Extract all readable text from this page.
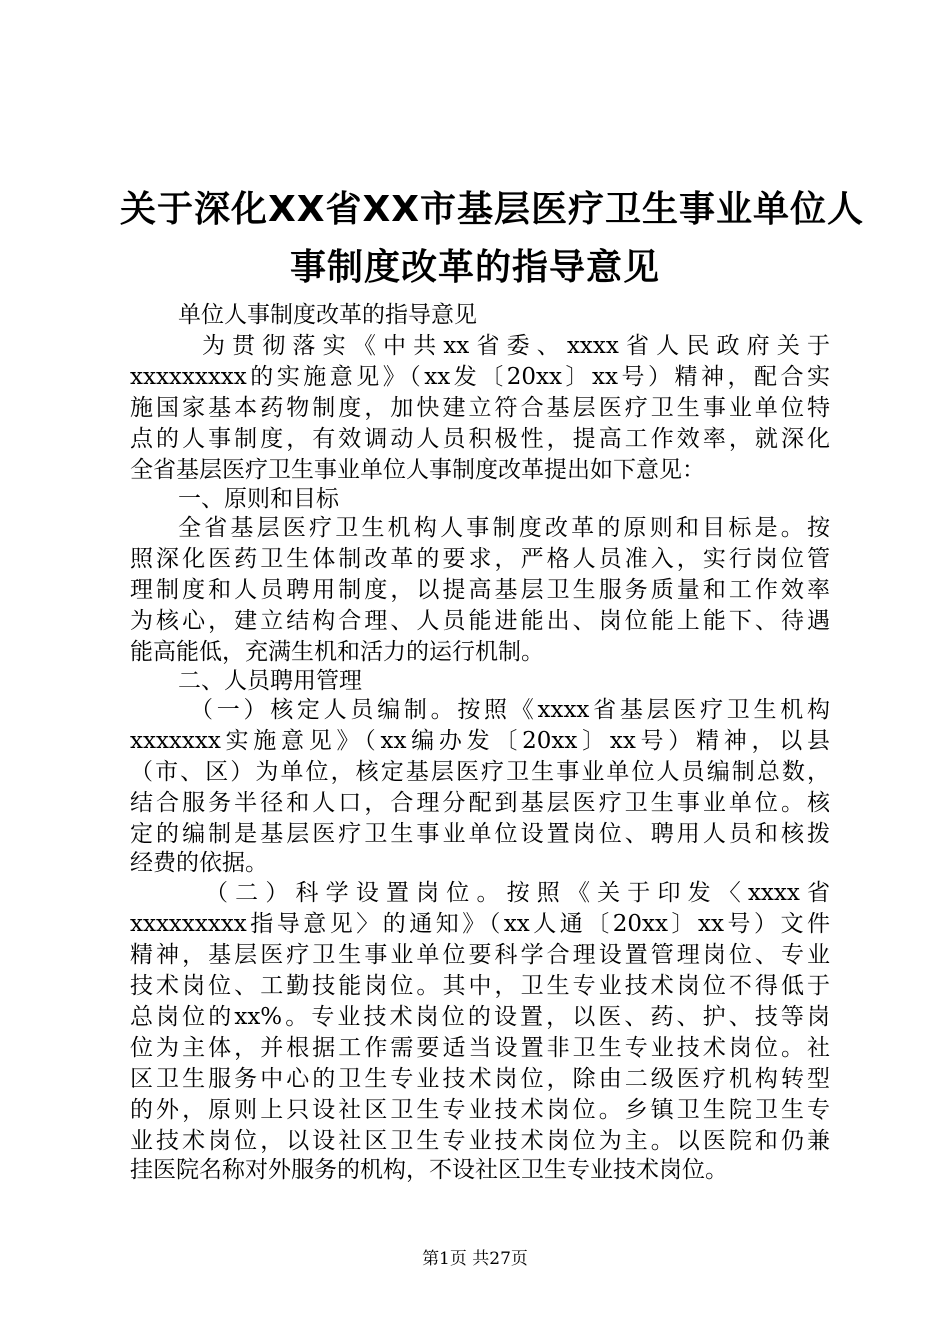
关于深化XX省XX市基层医疗卫生事业单位人
事制度改革的指导意见
单位人事制度改革的指导意见
为贯彻落实《中共xx省委、xxxx省人民政府关于
xxxxxxxxx的实施意见》（xx发〔20xx〕xx号）精神，配合实
施国家基本药物制度，加快建立符合基层医疗卫生事业单位特
点的人事制度，有效调动人员积极性，提高工作效率，就深化
全省基层医疗卫生事业单位人事制度改革提出如下意见：
一、原则和目标
全省基层医疗卫生机构人事制度改革的原则和目标是。按
照深化医药卫生体制改革的要求，严格人员准入，实行岗位管
理制度和人员聘用制度，以提高基层卫生服务质量和工作效率
为核心，建立结构合理、人员能进能出、岗位能上能下、待遇
能高能低，充满生机和活力的运行机制。
二、人员聘用管理
（一）核定人员编制。按照《xxxx省基层医疗卫生机构
xxxxxxx实施意见》（xx编办发〔20xx〕xx号）精神，以县
（市、区）为单位，核定基层医疗卫生事业单位人员编制总数，
结合服务半径和人口，合理分配到基层医疗卫生事业单位。核
定的编制是基层医疗卫生事业单位设置岗位、聘用人员和核拨
经费的依据。
（二）科学设置岗位。按照《关于印发〈xxxx省
xxxxxxxxx指导意见〉的通知》（xx人通〔20xx〕xx号）文件
精神，基层医疗卫生事业单位要科学合理设置管理岗位、专业
技术岗位、工勤技能岗位。其中，卫生专业技术岗位不得低于
总岗位的xx%。专业技术岗位的设置，以医、药、护、技等岗
位为主体，并根据工作需要适当设置非卫生专业技术岗位。社
区卫生服务中心的卫生专业技术岗位，除由二级医疗机构转型
的外，原则上只设社区卫生专业技术岗位。乡镇卫生院卫生专
业技术岗位，以设社区卫生专业技术岗位为主。以医院和仍兼
挂医院名称对外服务的机构，不设社区卫生专业技术岗位。
第1页 共27页
